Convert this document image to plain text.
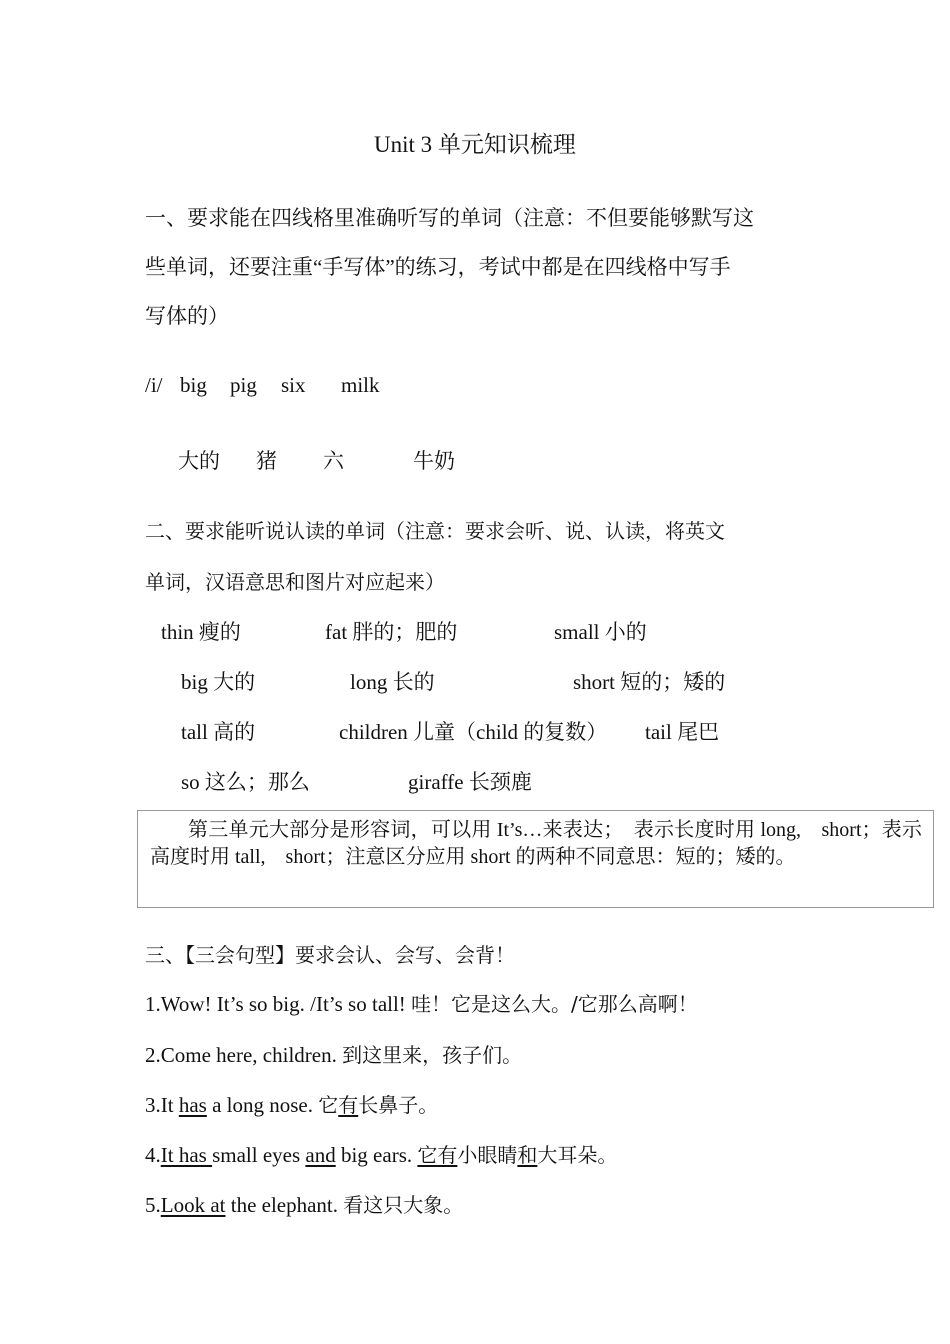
Unit 3 单元知识梳理
一、要求能在四线格里准确听写的单词（注意：不但要能够默写这
些单词，还要注重“手写体”的练习，考试中都是在四线格中写手
写体的）
/i/ big pig six milk
大的 猪 六	牛奶
二、要求能听说认读的单词（注意：要求会听、说、认读，将英文
单词，汉语意思和图片对应起来）
thin 瘦的	fat 胖的；肥的	small 小的
big 大的	long 长的	short 短的；矮的
tall 高的	children 儿童（child 的复数） tail 尾巴
so 这么；那么	giraffe 长颈鹿
第三单元大部分是形容词，可以用 It’s…来表达；　表示长度时用 long,　short；表示高度时用 tall,　short；注意区分应用 short 的两种不同意思：短的；矮的。
三、【三会句型】要求会认、会写、会背！
1.Wow! It’s so big. /It’s so tall! 哇！它是这么大。/它那么高啊！
2.Come here, children. 到这里来，孩子们。
3.It has a long nose. 它有长鼻子。
4.It has small eyes and big ears. 它有小眼睛和大耳朵。
5.Look at the elephant. 看这只大象。
